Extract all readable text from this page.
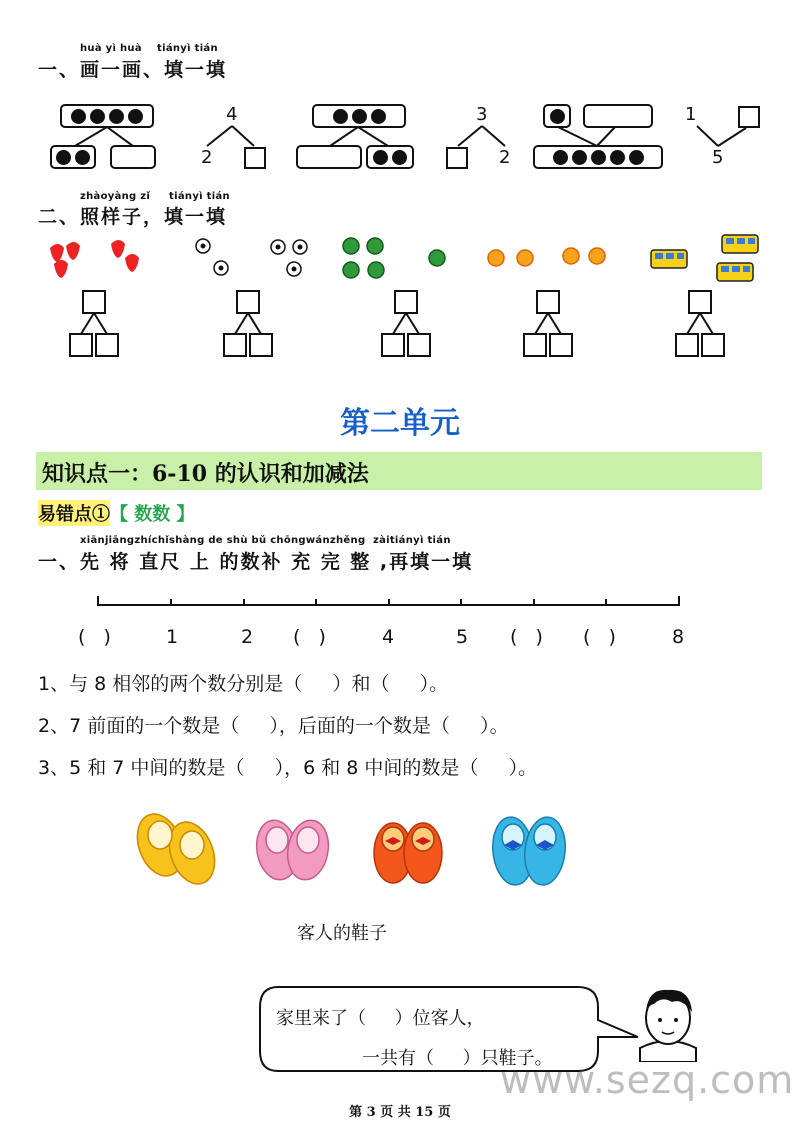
huà yì huà    tiányì tián
一、画一画、填一填
4
2
3
2
1
5
zhàoyàng zǐ     tiányì tián
二、照样子，填一填
第二单元
知识点一：6-10 的认识和加减法
易错点① 【 数数 】
xiānjiāngzhíchǐshàng de shù bǔ chōngwánzhěng  zàitiányì tián
一、先 将 直尺 上 的数补 充 完 整 ,再填一填
(   )	1	2 (   )	4	5 (   ) (   )	8
1、与 8 相邻的两个数分别是（     ）和（     ）。
2、7 前面的一个数是（     ），后面的一个数是（     ）。
3、5 和 7 中间的数是（     ），6 和 8 中间的数是（     ）。
客人的鞋子
家里来了（     ）位客人，
一共有（     ）只鞋子。
www.sezq.com
第 3 页 共 15 页
